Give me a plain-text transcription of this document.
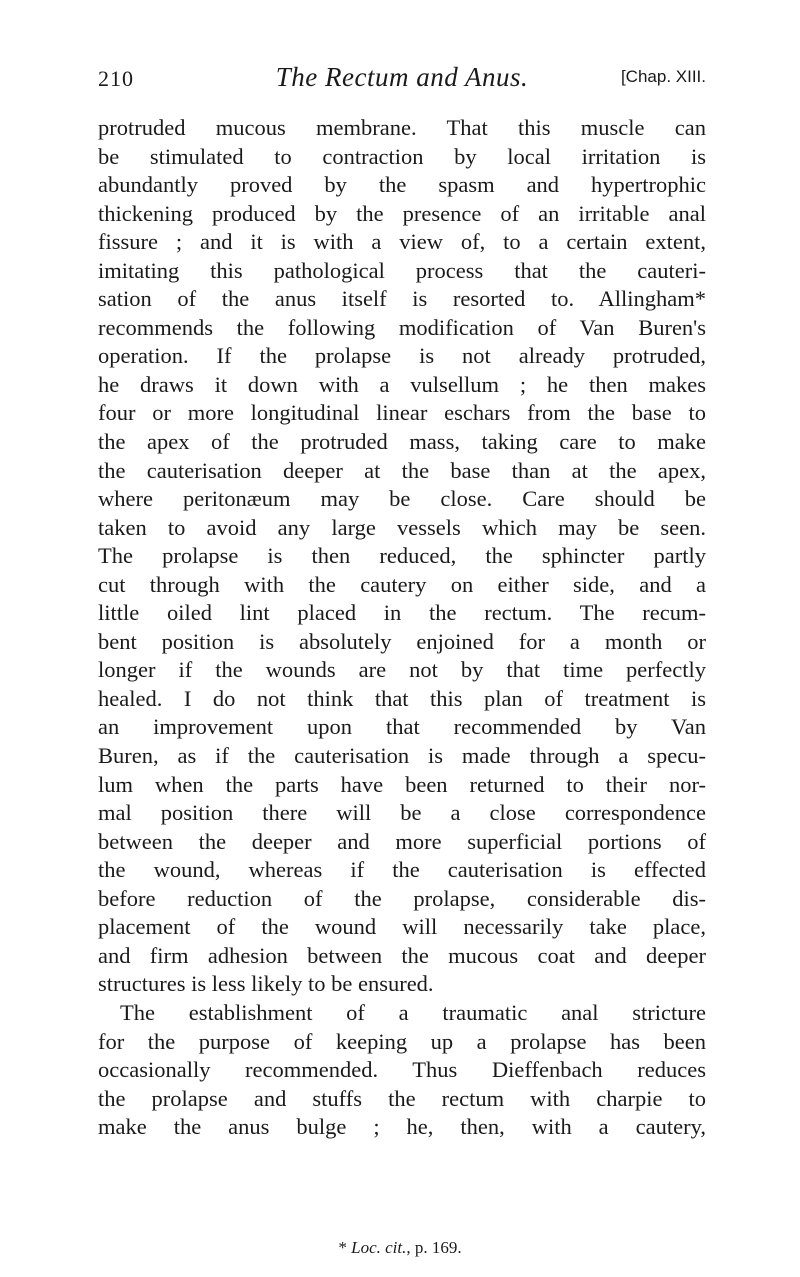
210	The Rectum and Anus.	[Chap. XIII.
protruded mucous membrane. That this muscle can
be stimulated to contraction by local irritation is
abundantly proved by the spasm and hypertrophic
thickening produced by the presence of an irritable anal
fissure ; and it is with a view of, to a certain extent,
imitating this pathological process that the cauteri-
sation of the anus itself is resorted to. Allingham*
recommends the following modification of Van Buren's
operation. If the prolapse is not already protruded,
he draws it down with a vulsellum ; he then makes
four or more longitudinal linear eschars from the base to
the apex of the protruded mass, taking care to make
the cauterisation deeper at the base than at the apex,
where peritonæum may be close. Care should be
taken to avoid any large vessels which may be seen.
The prolapse is then reduced, the sphincter partly
cut through with the cautery on either side, and a
little oiled lint placed in the rectum. The recum-
bent position is absolutely enjoined for a month or
longer if the wounds are not by that time perfectly
healed. I do not think that this plan of treatment is
an improvement upon that recommended by Van
Buren, as if the cauterisation is made through a specu-
lum when the parts have been returned to their nor-
mal position there will be a close correspondence
between the deeper and more superficial portions of
the wound, whereas if the cauterisation is effected
before reduction of the prolapse, considerable dis-
placement of the wound will necessarily take place,
and firm adhesion between the mucous coat and deeper
structures is less likely to be ensured.
The establishment of a traumatic anal stricture
for the purpose of keeping up a prolapse has been
occasionally recommended. Thus Dieffenbach reduces
the prolapse and stuffs the rectum with charpie to
make the anus bulge ; he, then, with a cautery,
* Loc. cit., p. 169.
